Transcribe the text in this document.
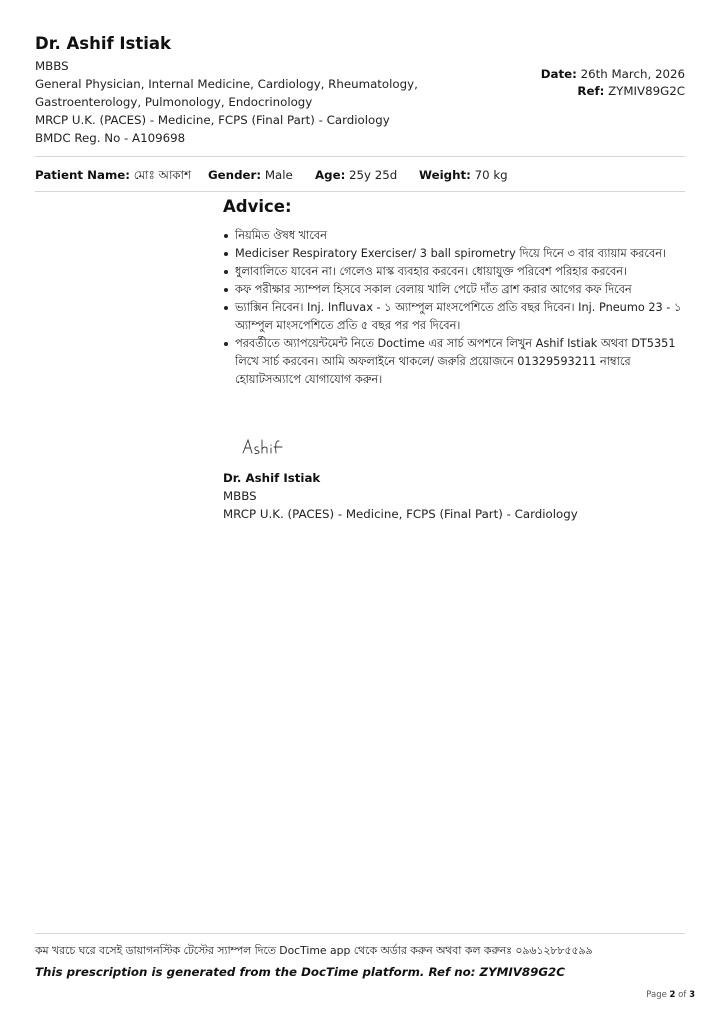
Dr. Ashif Istiak
MBBS
General Physician, Internal Medicine, Cardiology, Rheumatology,
Gastroenterology, Pulmonology, Endocrinology
MRCP U.K. (PACES) - Medicine, FCPS (Final Part) - Cardiology
BMDC Reg. No - A109698
Date: 26th March, 2026
Ref: ZYMIV89G2C
Patient Name: মোঃ আকাশ Gender: Male Age: 25y 25d Weight: 70 kg
Advice:
নিয়মিত ঔষধ খাবেন
Mediciser Respiratory Exerciser/ 3 ball spirometry দিয়ে দিনে ৩ বার ব্যায়াম করবেন।
ধুলাবালিতে যাবেন না। গেলেও মাস্ক ব্যবহার করবেন। ধোয়াযুক্ত পরিবেশ পরিহার করবেন।
কফ পরীক্ষার স্যাম্পল হিসবে সকাল বেলায় খালি পেটে দাঁত ব্রাশ করার আগের কফ দিবেন
ভ্যাক্সিন নিবেন। Inj. Influvax - ১ অ্যাম্পুল মাংসপেশিতে প্রতি বছর দিবেন। Inj. Pneumo 23 - ১ অ্যাম্পুল মাংসপেশিতে প্রতি ৫ বছর পর পর দিবেন।
পরবর্তীতে অ্যাপয়েন্টমেন্ট নিতে Doctime এর সার্চ অপশনে লিখুন Ashif Istiak অথবা DT5351 লিখে সার্চ করবেন। আমি অফলাইনে থাকলে/ জরুরি প্রয়োজনে 01329593211 নাম্বারে হোয়াটসঅ্যাপে যোগাযোগ করুন।
Dr. Ashif Istiak
MBBS
MRCP U.K. (PACES) - Medicine, FCPS (Final Part) - Cardiology
কম খরচে ঘরে বসেই ডায়াগনস্টিক টেস্টের স্যাম্পল দিতে DocTime app থেকে অর্ডার করুন অথবা কল করুনঃ ০৯৬১২৮৮৫৫৯৯
This prescription is generated from the DocTime platform. Ref no: ZYMIV89G2C
Page 2 of 3
